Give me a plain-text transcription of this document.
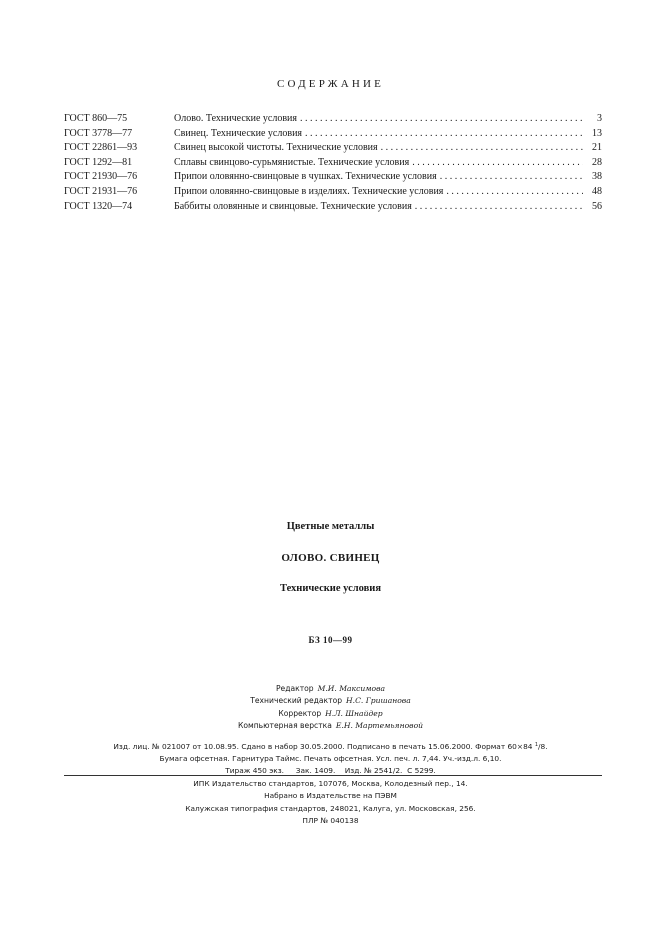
СОДЕРЖАНИЕ
ГОСТ 860—75	Олово. Технические условия . . .	3
ГОСТ 3778—77	Свинец. Технические условия . . .	13
ГОСТ 22861—93	Свинец высокой чистоты. Технические условия . . .	21
ГОСТ 1292—81	Сплавы свинцово-сурьмянистые. Технические условия . . .	28
ГОСТ 21930—76	Припои оловянно-свинцовые в чушках. Технические условия . . .	38
ГОСТ 21931—76	Припои оловянно-свинцовые в изделиях. Технические условия . . .	48
ГОСТ 1320—74	Баббиты оловянные и свинцовые. Технические условия . . .	56
Цветные металлы
ОЛОВО. СВИНЕЦ
Технические условия
БЗ 10—99
Редактор М.И. Максимова
Технический редактор Н.С. Гришанова
Корректор Н.Л. Шнайдер
Компьютерная верстка Е.Н. Мартемьяновой
Изд. лиц. № 021007 от 10.08.95. Сдано в набор 30.05.2000. Подписано в печать 15.06.2000. Формат 60×84 $^1$/8.
Бумага офсетная. Гарнитура Таймс. Печать офсетная. Усл. печ. л. 7,44. Уч.-изд.л. 6,10.
Тираж 450 экз.     Зак. 1409.    Изд. № 2541/2.  С 5299.
ИПК Издательство стандартов, 107076, Москва, Колодезный пер., 14.
Набрано в Издательстве на ПЭВМ
Калужская типография стандартов, 248021, Калуга, ул. Московская, 256.
ПЛР № 040138
